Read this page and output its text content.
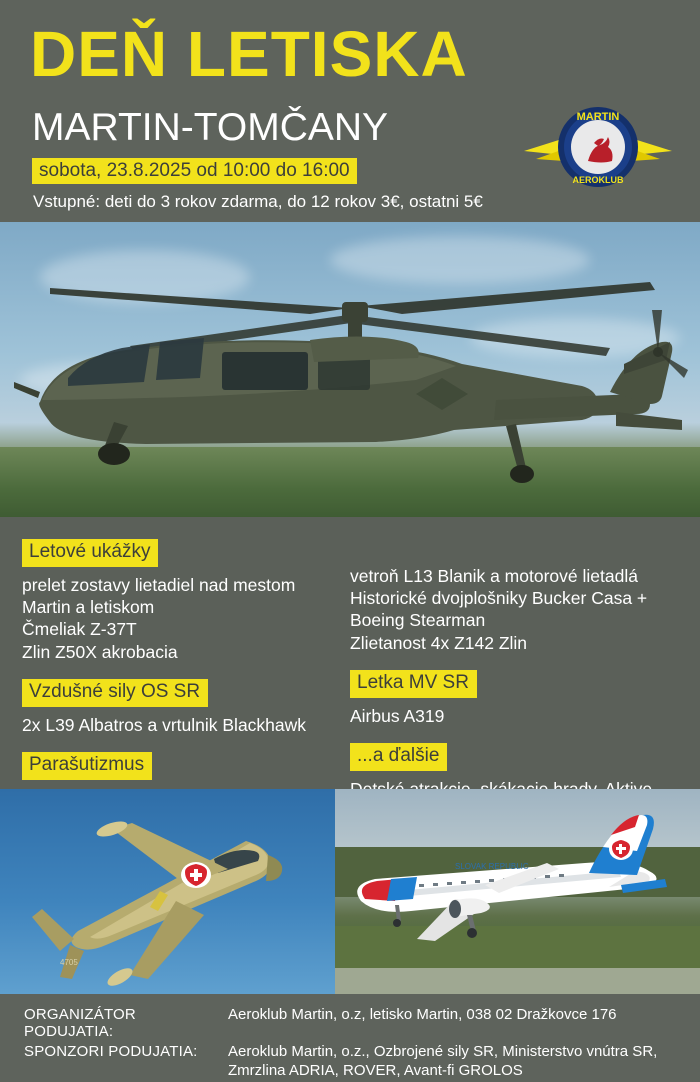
DEŇ LETISKA
MARTIN-TOMČANY
sobota, 23.8.2025 od 10:00 do 16:00
Vstupné: deti do 3 rokov zdarma, do 12 rokov 3€, ostatni 5€
MARTIN
AEROKLUB
Letové ukážky
prelet zostavy lietadiel nad mestom
Martin a letiskom
Čmeliak Z-37T
Zlin Z50X akrobacia
Vzdušné sily OS SR
2x L39 Albatros a vrtulnik Blackhawk
Parašutizmus
vetroň L13 Blanik a motorové lietadlá
Historické dvojplošniky Bucker Casa +
Boeing Stearman
Zlietanost 4x Z142 Zlin
Letka MV SR
Airbus A319
...a ďalšie
4705
SLOVAK REPUBLIC
ORGANIZÁTOR PODUJATIA:
Aeroklub Martin, o.z, letisko Martin, 038 02 Dražkovce 176
SPONZORI PODUJATIA:	Aeroklub Martin, o.z., Ozbrojené sily SR, Ministerstvo vnútra SR,
Zmrzlina ADRIA, ROVER, Avant-fi GROLOS
